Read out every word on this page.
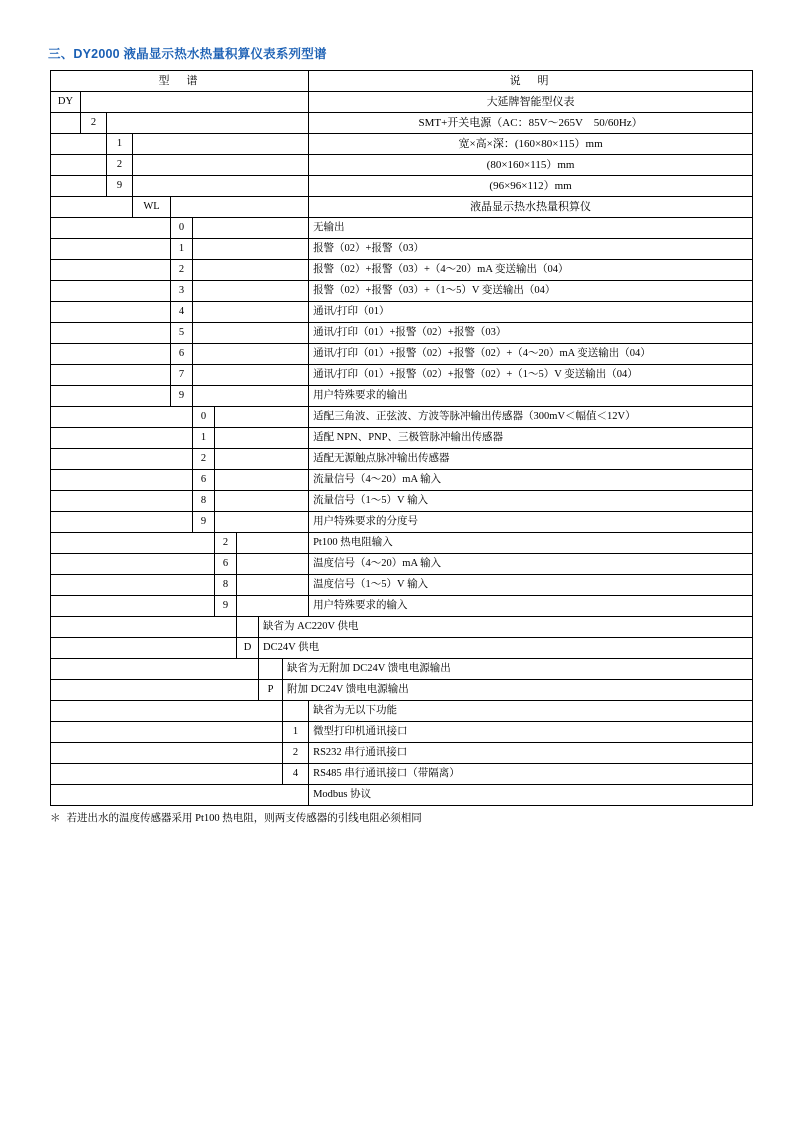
三、DY2000 液晶显示热水热量积算仪表系列型谱
型　谱										说　明
DY										大延牌智能型仪表
	2									SMT+开关电源（AC：85V～265V　50/60Hz）
		1								宽×高×深：(160×80×115）mm
		2								(80×160×115）mm
		9								(96×96×112）mm
			WL							液晶显示热水热量积算仪
				0						无输出
				1						报警（02）+报警（03）
				2						报警（02）+报警（03）+（4～20）mA 变送输出（04）
				3						报警（02）+报警（03）+（1～5）V 变送输出（04）
				4						通讯/打印（01）
				5						通讯/打印（01）+报警（02）+报警（03）
				6						通讯/打印（01）+报警（02）+报警（02）+（4～20）mA 变送输出（04）
				7						通讯/打印（01）+报警（02）+报警（02）+（1～5）V 变送输出（04）
				9						用户特殊要求的输出
					0					适配三角波、正弦波、方波等脉冲输出传感器（300mV＜幅值＜12V）
					1					适配 NPN、PNP、三极管脉冲输出传感器
					2					适配无源触点脉冲输出传感器
					6					流量信号（4～20）mA 输入
					8					流量信号（1～5）V 输入
					9					用户特殊要求的分度号
						2				Pt100 热电阻输入
						6				温度信号（4～20）mA 输入
						8				温度信号（1～5）V 输入
						9				用户特殊要求的输入
								缺省为 AC220V 供电		
							D	DC24V 供电		
									缺省为无附加 DC24V 馈电电源输出	
								P	附加 DC24V 馈电电源输出	
										缺省为无以下功能
									1	微型打印机通讯接口
									2	RS232 串行通讯接口
									4	RS485 串行通讯接口（带隔离）
										Modbus 协议
＊ 若进出水的温度传感器采用 Pt100 热电阻，则两支传感器的引线电阻必须相同
